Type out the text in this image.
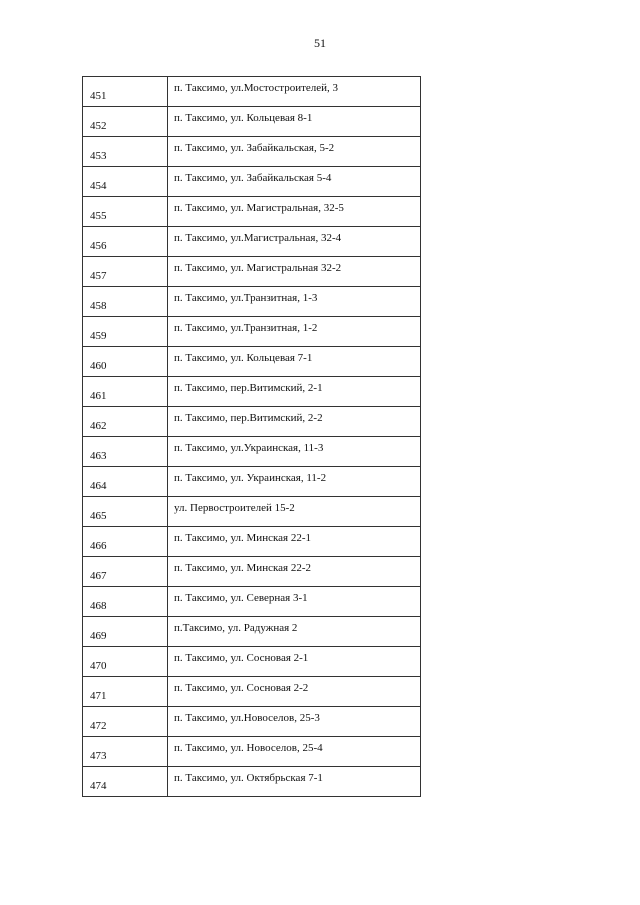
51
451	п. Таксимо, ул.Мостостроителей, 3
452	п. Таксимо, ул. Кольцевая 8-1
453	п. Таксимо, ул. Забайкальская, 5-2
454	п. Таксимо, ул. Забайкальская 5-4
455	п. Таксимо, ул. Магистральная, 32-5
456	п. Таксимо, ул.Магистральная, 32-4
457	п. Таксимо, ул. Магистральная 32-2
458	п. Таксимо, ул.Транзитная, 1-3
459	п. Таксимо, ул.Транзитная, 1-2
460	п. Таксимо, ул. Кольцевая 7-1
461	п. Таксимо, пер.Витимский, 2-1
462	п. Таксимо, пер.Витимский, 2-2
463	п. Таксимо, ул.Украинская, 11-3
464	п. Таксимо, ул. Украинская, 11-2
465	ул. Первостроителей 15-2
466	п. Таксимо, ул. Минская 22-1
467	п. Таксимо, ул. Минская 22-2
468	п. Таксимо, ул. Северная 3-1
469	п.Таксимо, ул. Радужная 2
470	п. Таксимо, ул. Сосновая 2-1
471	п. Таксимо, ул. Сосновая 2-2
472	п. Таксимо, ул.Новоселов, 25-3
473	п. Таксимо, ул. Новоселов, 25-4
474	п. Таксимо, ул. Октябрьская 7-1
